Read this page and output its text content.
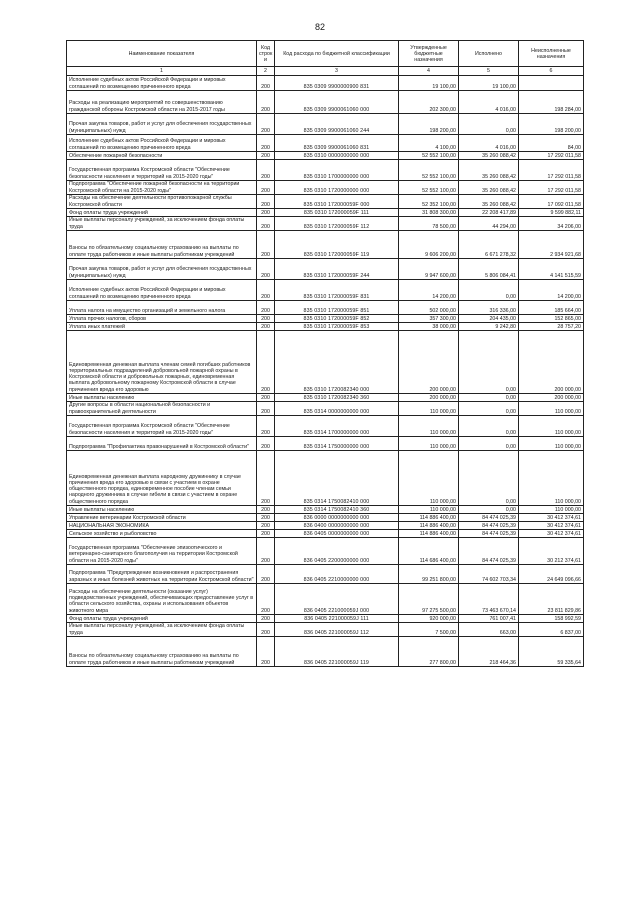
82
Наименование показателя	Код строк и	Код расхода по бюджетной классификации	Утвержденные бюджетные назначения	Исполнено	Неисполненные назначения
1	2	3	4	5	6
Исполнение судебных актов Российской Федерации и мировых соглашений по возмещению причиненного вреда	200	835 0309 9900000900 831	19 100,00	19 100,00	
Расходы на реализацию мероприятий по совершенствованию гражданской обороны Костромской области на 2015-2017 годы	200	835 0309 9900061060 000	202 300,00	4 016,00	198 284,00
Прочая закупка товаров, работ и услуг для обеспечения государственных (муниципальных) нужд	200	835 0309 9900061060 244	198 200,00	0,00	198 200,00
Исполнение судебных актов Российской Федерации и мировых соглашений по возмещению причиненного вреда	200	835 0309 9900061060 831	4 100,00	4 016,00	84,00
Обеспечение пожарной безопасности	200	835 0310 0000000000 000	52 552 100,00	35 260 088,42	17 292 011,58
Государственная программа Костромской области "Обеспечение безопасности населения и территорий на 2015-2020 годы"	200	835 0310 1700000000 000	52 552 100,00	35 260 088,42	17 292 011,58
Подпрограмма "Обеспечение пожарной безопасности на территории Костромской области на 2015-2020 годы"	200	835 0310 1720000000 000	52 552 100,00	35 260 088,42	17 292 011,58
Расходы на обеспечение деятельности противопожарной службы Костромской области	200	835 0310 172000059F 000	52 352 100,00	35 260 088,42	17 092 011,58
Фонд оплаты труда учреждений	200	835 0310 172000059F 111	31 808 300,00	22 208 417,89	9 599 882,11
Иные выплаты персоналу учреждений, за исключением фонда оплаты труда	200	835 0310 172000059F 112	78 500,00	44 294,00	34 206,00
Взносы по обязательному социальному страхованию на выплаты по оплате труда работников и иные выплаты работникам учреждений	200	835 0310 172000059F 119	9 606 200,00	6 671 278,32	2 934 921,68
Прочая закупка товаров, работ и услуг для обеспечения государственных (муниципальных) нужд	200	835 0310 172000059F 244	9 947 600,00	5 806 084,41	4 141 515,59
Исполнение судебных актов Российской Федерации и мировых соглашений по возмещению причиненного вреда	200	835 0310 172000059F 831	14 200,00	0,00	14 200,00
Уплата налога на имущество организаций и земельного налога	200	835 0310 172000059F 851	502 000,00	316 336,00	185 664,00
Уплата прочих налогов, сборов	200	835 0310 172000059F 852	357 300,00	204 435,00	152 865,00
Уплата иных платежей	200	835 0310 172000059F 853	38 000,00	9 242,80	28 757,20
Единовременная денежная выплата членам семей погибших работников территориальных подразделений добровольной пожарной охраны в Костромской области и добровольных пожарных, единовременная выплата добровольному пожарному Костромской области в случае причинения вреда его здоровью	200	835 0310 1720082340 000	200 000,00	0,00	200 000,00
Иные выплаты населению	200	835 0310 1720082340 360	200 000,00	0,00	200 000,00
Другие вопросы в области национальной безопасности и правоохранительной деятельности	200	835 0314 0000000000 000	110 000,00	0,00	110 000,00
Государственная программа Костромской области "Обеспечение безопасности населения и территорий на 2015-2020 годы"	200	835 0314 1700000000 000	110 000,00	0,00	110 000,00
Подпрограмма "Профилактика правонарушений в Костромской области"	200	835 0314 1750000000 000	110 000,00	0,00	110 000,00
Единовременная денежная выплата народному дружиннику в случае причинения вреда его здоровью в связи с участием в охране общественного порядка, единовременное пособие членам семьи народного дружинника в случае гибели в связи с участием в охране общественного порядка	200	835 0314 1750082410 000	110 000,00	0,00	110 000,00
Иные выплаты населению	200	835 0314 1750082410 360	110 000,00	0,00	110 000,00
Управление ветеринарии Костромской области	200	836 0000 0000000000 000	114 886 400,00	84 474 025,39	30 412 374,61
НАЦИОНАЛЬНАЯ ЭКОНОМИКА	200	836 0400 0000000000 000	114 886 400,00	84 474 025,39	30 412 374,61
Сельское хозяйство и рыболовство	200	836 0405 0000000000 000	114 886 400,00	84 474 025,39	30 412 374,61
Государственная программа "Обеспечение эпизоотического и ветеринарно-санитарного благополучия на территории Костромской области на 2015-2020 годы"	200	836 0405 2200000000 000	114 686 400,00	84 474 025,39	30 212 374,61
Подпрограмма "Предупреждение возникновения и распространения заразных и иных болезней животных на территории Костромской области"	200	836 0405 2210000000 000	99 251 800,00	74 602 703,34	24 649 096,66
Расходы на обеспечение деятельности (оказание услуг) подведомственных учреждений, обеспечивающих предоставление услуг в области сельского хозяйства, охраны и использования объектов животного мира	200	836 0405 221000059J 000	97 275 500,00	73 463 670,14	23 811 829,86
Фонд оплаты труда учреждений	200	836 0405 221000059J 111	920 000,00	761 007,41	158 992,59
Иные выплаты персоналу учреждений, за исключением фонда оплаты труда	200	836 0405 221000059J 112	7 500,00	663,00	6 837,00
Взносы по обязательному социальному страхованию на выплаты по оплате труда работников и иные выплаты работникам учреждений	200	836 0405 221000059J 119	277 800,00	218 464,36	59 335,64
